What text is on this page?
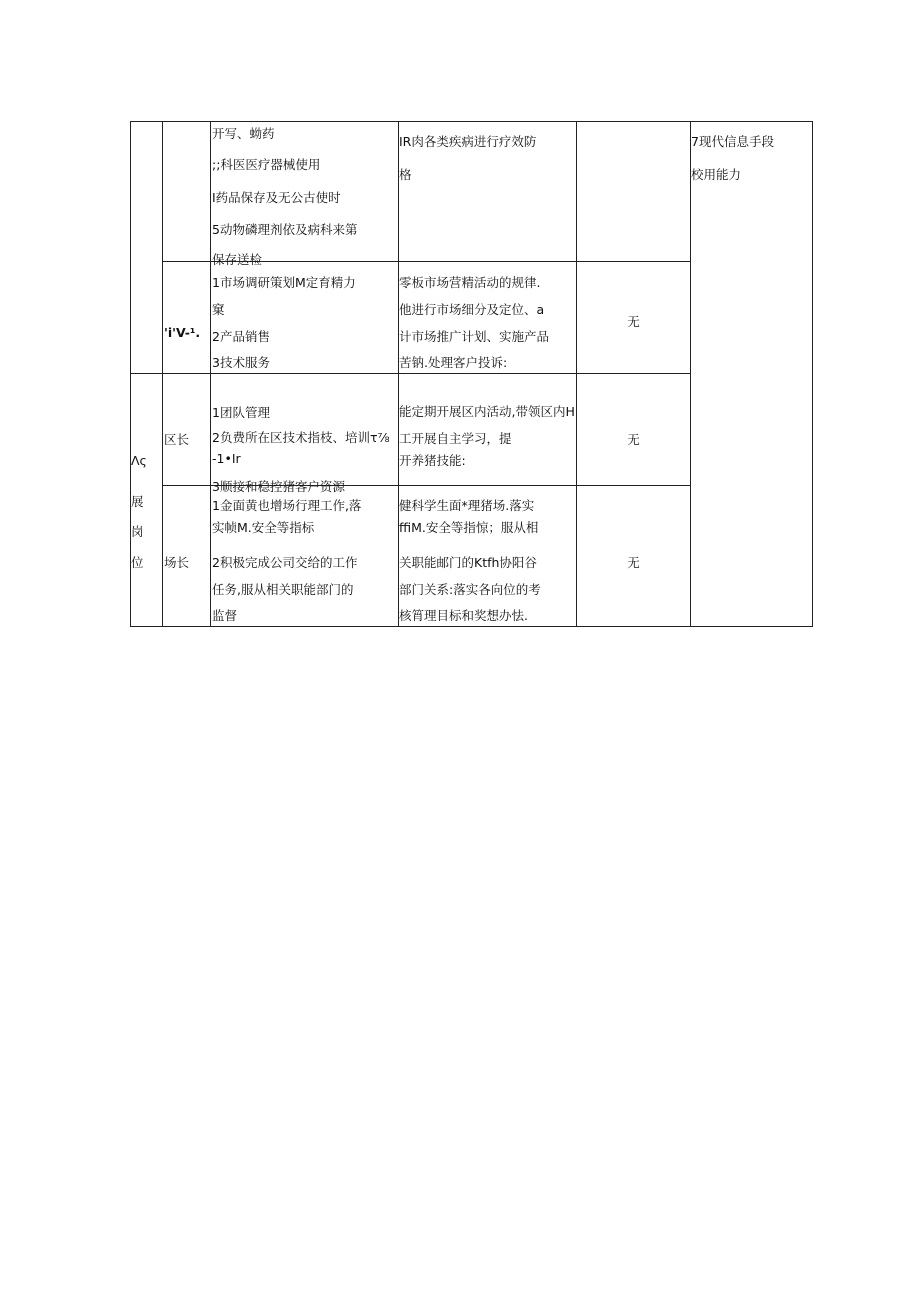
Λς
展
岗
位
'i'V-¹.
区长
场长
开写、蚴药
;;科医医疗器械使用
I药品保存及无公古使时
5动物磷理剂依及病科来第
保存送检
1市场调研策划M定育精力
窠
2产品销售
3技术服务
1团队管理
2负费所在区技术指枝、培训τ⅞
-1•Ir
3顺接和稳控猪客户资源
1金面黄也增场行理工作,落
实帧M.安全等指标
2积极完成公司交给的工作
任务,服从相关职能部门的
监督
IR肉各类疾病进行疗效防
格
零板市场营精活动的规律.
他进行市场细分及定位、a
计市场推广计划、实施产品
苦钠.处理客户投诉:
能定期开展区内活动,带领区内H
工开展自主学习，提
开养猪技能:
健科学生面*理猪场.落实
ffiM.安全等指惊；服从相
关职能邮门的Ktfh协阳谷
部门关系:落实各向位的考
核筲理目标和奖想办怯.
无
无
无
7现代信息手段
校用能力
